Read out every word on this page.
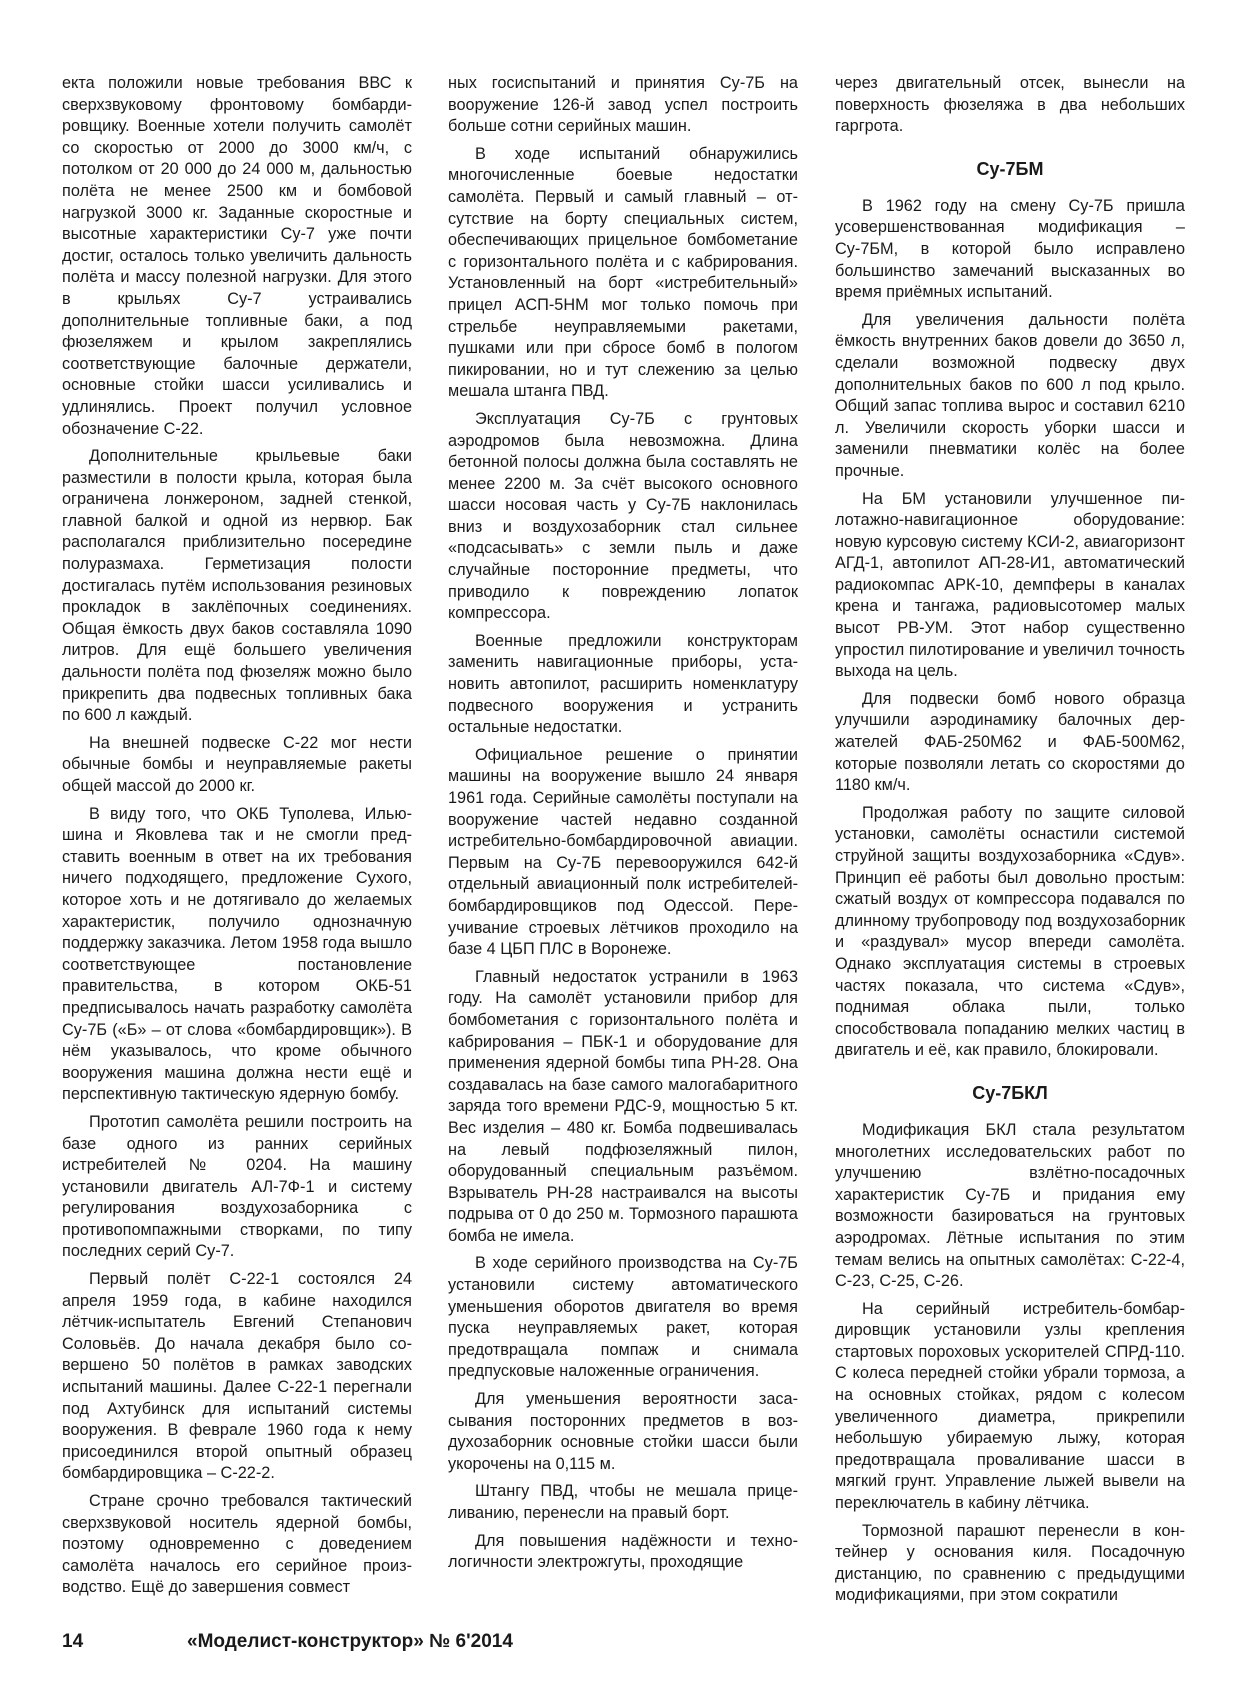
екта положили новые требования ВВС к сверхзвуковому фронтовому бомбардировщику. Военные хотели получить самолёт со скоростью от 2000 до 3000 км/ч, с потолком от 20 000 до 24 000 м, дальностью полёта не менее 2500 км и бомбовой нагрузкой 3000 кг. Заданные скоростные и высотные характеристики Су-7 уже почти достиг, осталось только увеличить дальность полёта и массу полезной нагрузки. Для этого в крыльях Су-7 устраивались дополнительные топливные баки, а под фюзеляжем и крылом закреплялись соответствующие балочные держатели, основные стойки шасси усиливались и удлинялись. Проект получил условное обозначение С-22.

Дополнительные крыльевые баки разместили в полости крыла, которая была ограничена лонжероном, задней стенкой, главной балкой и одной из нервюр. Бак располагался приблизительно посередине полуразмаха. Герметизация полости достигалась путём использования резиновых прокладок в заклёпочных соединениях. Общая ёмкость двух баков составляла 1090 литров. Для ещё большего увеличения дальности полёта под фюзеляж можно было прикрепить два подвесных топливных бака по 600 л каждый.

На внешней подвеске С-22 мог нести обычные бомбы и неуправляемые ракеты общей массой до 2000 кг.

В виду того, что ОКБ Туполева, Ильюшина и Яковлева так и не смогли представить военным в ответ на их требования ничего подходящего, предложение Сухого, которое хоть и не дотягивало до желаемых характеристик, получило однозначную поддержку заказчика. Летом 1958 года вышло соответствующее постановление правительства, в котором ОКБ-51 предписывалось начать разработку самолёта Су-7Б («Б» – от слова «бомбардировщик»). В нём указывалось, что кроме обычного вооружения машина должна нести ещё и перспективную тактическую ядерную бомбу.

Прототип самолёта решили построить на базе одного из ранних серийных истребителей № 0204. На машину установили двигатель АЛ-7Ф-1 и систему регулирования воздухозаборника с противопомпажными створками, по типу последних серий Су-7.

Первый полёт С-22-1 состоялся 24 апреля 1959 года, в кабине находился лётчик-испытатель Евгений Степанович Соловьёв. До начала декабря было совершено 50 полётов в рамках заводских испытаний машины. Далее С-22-1 перегнали под Ахтубинск для испытаний системы вооружения. В феврале 1960 года к нему присоединился второй опытный образец бомбардировщика – С-22-2.

Стране срочно требовался тактический сверхзвуковой носитель ядерной бомбы, поэтому одновременно с доведением самолёта началось его серийное производство. Ещё до завершения совмест

ных госиспытаний и принятия Су-7Б на вооружение 126-й завод успел построить больше сотни серийных машин.

В ходе испытаний обнаружились многочисленные боевые недостатки самолёта. Первый и самый главный – отсутствие на борту специальных систем, обеспечивающих прицельное бомбометание с горизонтального полёта и с кабрирования. Установленный на борт «истребительный» прицел АСП-5НМ мог только помочь при стрельбе неуправляемыми ракетами, пушками или при сбросе бомб в пологом пикировании, но и тут слежению за целью мешала штанга ПВД.

Эксплуатация Су-7Б с грунтовых аэродромов была невозможна. Длина бетонной полосы должна была составлять не менее 2200 м. За счёт высокого основного шасси носовая часть у Су-7Б наклонилась вниз и воздухозаборник стал сильнее «подсасывать» с земли пыль и даже случайные посторонние предметы, что приводило к повреждению лопаток компрессора.

Военные предложили конструкторам заменить навигационные приборы, установить автопилот, расширить номенклатуру подвесного вооружения и устранить остальные недостатки.

Официальное решение о принятии машины на вооружение вышло 24 января 1961 года. Серийные самолёты поступали на вооружение частей недавно созданной истребительно-бомбардировочной авиации. Первым на Су-7Б перевооружился 642-й отдельный авиационный полк истребителей-бомбардировщиков под Одессой. Переучивание строевых лётчиков проходило на базе 4 ЦБП ПЛС в Воронеже.

Главный недостаток устранили в 1963 году. На самолёт установили прибор для бомбометания с горизонтального полёта и кабрирования – ПБК-1 и оборудование для применения ядерной бомбы типа РН-28. Она создавалась на базе самого малогабаритного заряда того времени РДС-9, мощностью 5 кт. Вес изделия – 480 кг. Бомба подвешивалась на левый подфюзеляжный пилон, оборудованный специальным разъёмом. Взрыватель РН-28 настраивался на высоты подрыва от 0 до 250 м. Тормозного парашюта бомба не имела.

В ходе серийного производства на Су-7Б установили систему автоматического уменьшения оборотов двигателя во время пуска неуправляемых ракет, которая предотвращала помпаж и снимала предпусковые наложенные ограничения.

Для уменьшения вероятности засасывания посторонних предметов в воздухозаборник основные стойки шасси были укорочены на 0,115 м.

Штангу ПВД, чтобы не мешала прицеливанию, перенесли на правый борт.

Для повышения надёжности и технологичности электрожгуты, проходящие

через двигательный отсек, вынесли на поверхность фюзеляжа в два небольших гаргрота.

Су-7БМ

В 1962 году на смену Су-7Б пришла усовершенствованная модификация – Су-7БМ, в которой было исправлено большинство замечаний высказанных во время приёмных испытаний.

Для увеличения дальности полёта ёмкость внутренних баков довели до 3650 л, сделали возможной подвеску двух дополнительных баков по 600 л под крыло. Общий запас топлива вырос и составил 6210 л. Увеличили скорость уборки шасси и заменили пневматики колёс на более прочные.

На БМ установили улучшенное пилотажно-навигационное оборудование: новую курсовую систему КСИ-2, авиагоризонт АГД-1, автопилот АП-28-И1, автоматический радиокомпас АРК-10, демпферы в каналах крена и тангажа, радиовысотомер малых высот РВ-УМ. Этот набор существенно упростил пилотирование и увеличил точность выхода на цель.

Для подвески бомб нового образца улучшили аэродинамику балочных держателей ФАБ-250М62 и ФАБ-500М62, которые позволяли летать со скоростями до 1180 км/ч.

Продолжая работу по защите силовой установки, самолёты оснастили системой струйной защиты воздухозаборника «Сдув». Принцип её работы был довольно простым: сжатый воздух от компрессора подавался по длинному трубопроводу под воздухозаборник и «раздувал» мусор впереди самолёта. Однако эксплуатация системы в строевых частях показала, что система «Сдув», поднимая облака пыли, только способствовала попаданию мелких частиц в двигатель и её, как правило, блокировали.

Су-7БКЛ

Модификация БКЛ стала результатом многолетних исследовательских работ по улучшению взлётно-посадочных характеристик Су-7Б и придания ему возможности базироваться на грунтовых аэродромах. Лётные испытания по этим темам велись на опытных самолётах: С-22-4, С-23, С-25, С-26.

На серийный истребитель-бомбардировщик установили узлы крепления стартовых пороховых ускорителей СПРД-110. С колеса передней стойки убрали тормоза, а на основных стойках, рядом с колесом увеличенного диаметра, прикрепили небольшую убираемую лыжу, которая предотвращала проваливание шасси в мягкий грунт. Управление лыжей вывели на переключатель в кабину лётчика.

Тормозной парашют перенесли в контейнер у основания киля. Посадочную дистанцию, по сравнению с предыдущими модификациями, при этом сократили

14	«Моделист-конструктор» № 6'2014
